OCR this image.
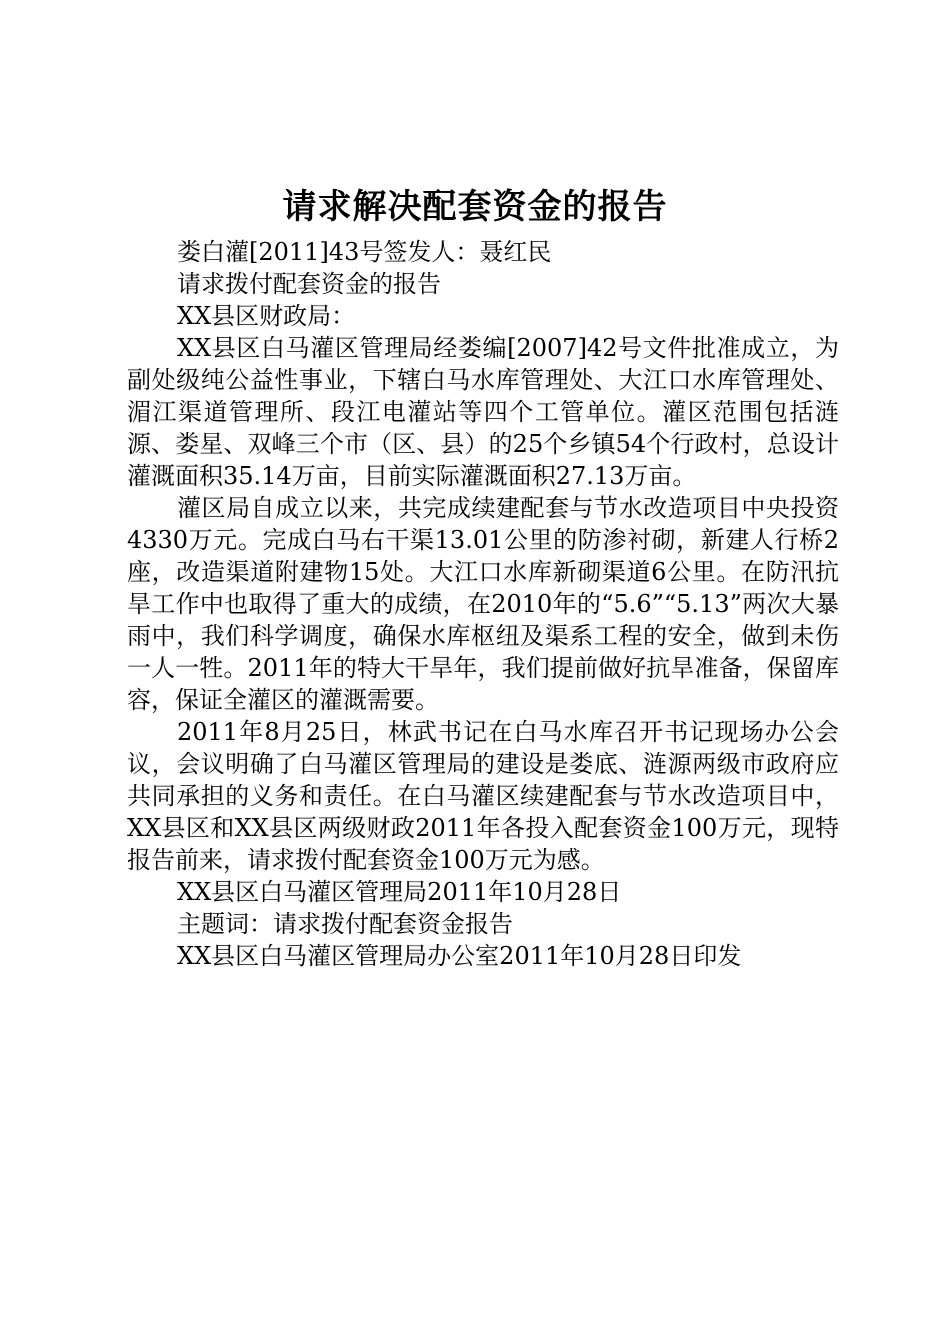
请求解决配套资金的报告

娄白灌[2011]43号签发人：聂红民

请求拨付配套资金的报告

XX县区财政局：

XX县区白马灌区管理局经娄编[2007]42号文件批准成立，为副处级纯公益性事业，下辖白马水库管理处、大江口水库管理处、湄江渠道管理所、段江电灌站等四个工管单位。灌区范围包括涟源、娄星、双峰三个市（区、县）的25个乡镇54个行政村，总设计灌溉面积35.14万亩，目前实际灌溉面积27.13万亩。

灌区局自成立以来，共完成续建配套与节水改造项目中央投资4330万元。完成白马右干渠13.01公里的防渗衬砌，新建人行桥2座，改造渠道附建物15处。大江口水库新砌渠道6公里。在防汛抗旱工作中也取得了重大的成绩，在2010年的“5.6”“5.13”两次大暴雨中，我们科学调度，确保水库枢纽及渠系工程的安全，做到未伤一人一牲。2011年的特大干旱年，我们提前做好抗旱准备，保留库容，保证全灌区的灌溉需要。

2011年8月25日，林武书记在白马水库召开书记现场办公会议，会议明确了白马灌区管理局的建设是娄底、涟源两级市政府应共同承担的义务和责任。在白马灌区续建配套与节水改造项目中，XX县区和XX县区两级财政2011年各投入配套资金100万元，现特报告前来，请求拨付配套资金100万元为感。

XX县区白马灌区管理局2011年10月28日

主题词：请求拨付配套资金报告

XX县区白马灌区管理局办公室2011年10月28日印发
